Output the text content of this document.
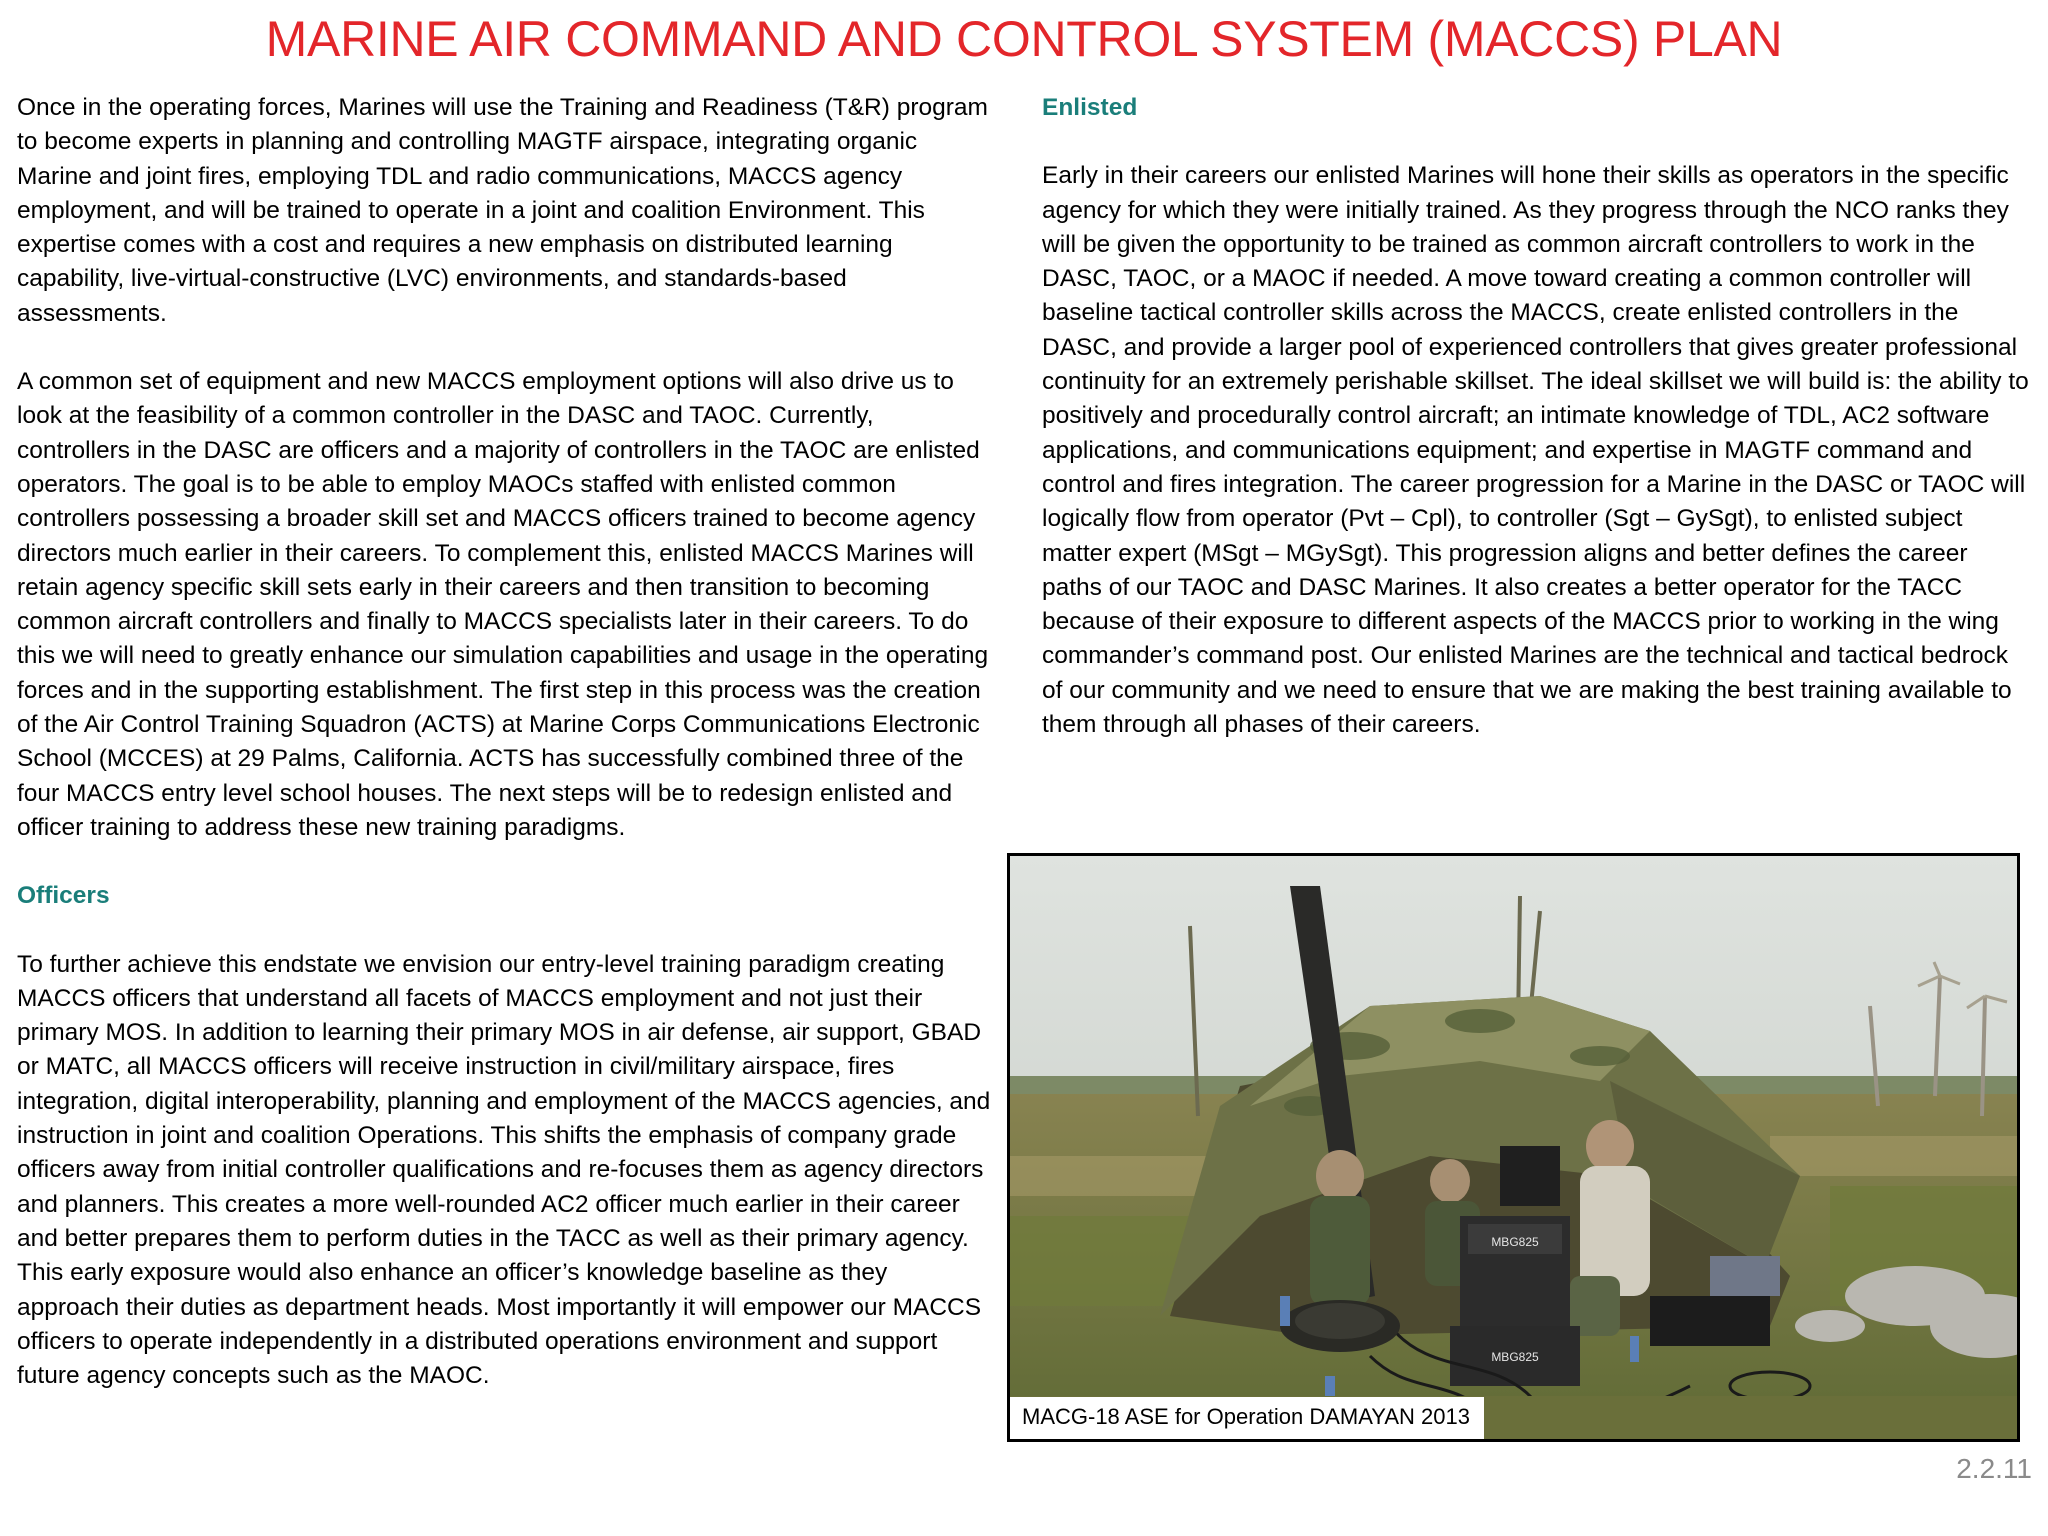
MARINE AIR COMMAND AND CONTROL SYSTEM (MACCS) PLAN

Once in the operating forces, Marines will use the Training and Readiness (T&R) program to become experts in planning and controlling MAGTF airspace, integrating organic Marine and joint fires, employing TDL and radio communications, MACCS agency employment, and will be trained to operate in a joint and coalition Environment. This expertise comes with a cost and requires a new emphasis on distributed learning capability, live-virtual-constructive (LVC) environments, and standards-based assessments.

A common set of equipment and new MACCS employment options will also drive us to look at the feasibility of a common controller in the DASC and TAOC. Currently, controllers in the DASC are officers and a majority of controllers in the TAOC are enlisted operators. The goal is to be able to employ MAOCs staffed with enlisted common controllers possessing a broader skill set and MACCS officers trained to become agency directors much earlier in their careers. To complement this, enlisted MACCS Marines will retain agency specific skill sets early in their careers and then transition to becoming common aircraft controllers and finally to MACCS specialists later in their careers. To do this we will need to greatly enhance our simulation capabilities and usage in the operating forces and in the supporting establishment. The first step in this process was the creation of the Air Control Training Squadron (ACTS) at Marine Corps Communications Electronic School (MCCES) at 29 Palms, California. ACTS has successfully combined three of the four MACCS entry level school houses. The next steps will be to redesign enlisted and officer training to address these new training paradigms.

Officers

To further achieve this endstate we envision our entry-level training paradigm creating MACCS officers that understand all facets of MACCS employment and not just their primary MOS. In addition to learning their primary MOS in air defense, air support, GBAD or MATC, all MACCS officers will receive instruction in civil/military airspace, fires integration, digital interoperability, planning and employment of the MACCS agencies, and instruction in joint and coalition Operations. This shifts the emphasis of company grade officers away from initial controller qualifications and re-focuses them as agency directors and planners. This creates a more well-rounded AC2 officer much earlier in their career and better prepares them to perform duties in the TACC as well as their primary agency. This early exposure would also enhance an officer’s knowledge baseline as they approach their duties as department heads. Most importantly it will empower our MACCS officers to operate independently in a distributed operations environment and support future agency concepts such as the MAOC.

Enlisted

Early in their careers our enlisted Marines will hone their skills as operators in the specific agency for which they were initially trained. As they progress through the NCO ranks they will be given the opportunity to be trained as common aircraft controllers to work in the DASC, TAOC, or a MAOC if needed. A move toward creating a common controller will baseline tactical controller skills across the MACCS, create enlisted controllers in the DASC, and provide a larger pool of experienced controllers that gives greater professional continuity for an extremely perishable skillset. The ideal skillset we will build is: the ability to positively and procedurally control aircraft; an intimate knowledge of TDL, AC2 software applications, and communications equipment; and expertise in MAGTF command and control and fires integration. The career progression for a Marine in the DASC or TAOC will logically flow from operator (Pvt – Cpl), to controller (Sgt – GySgt), to enlisted subject matter expert (MSgt – MGySgt). This progression aligns and better defines the career paths of our TAOC and DASC Marines. It also creates a better operator for the TACC because of their exposure to different aspects of the MACCS prior to working in the wing commander’s command post. Our enlisted Marines are the technical and tactical bedrock of our community and we need to ensure that we are making the best training available to them through all phases of their careers.

MBG825
MBG825
MACG-18 ASE for Operation DAMAYAN 2013
2.2.11
